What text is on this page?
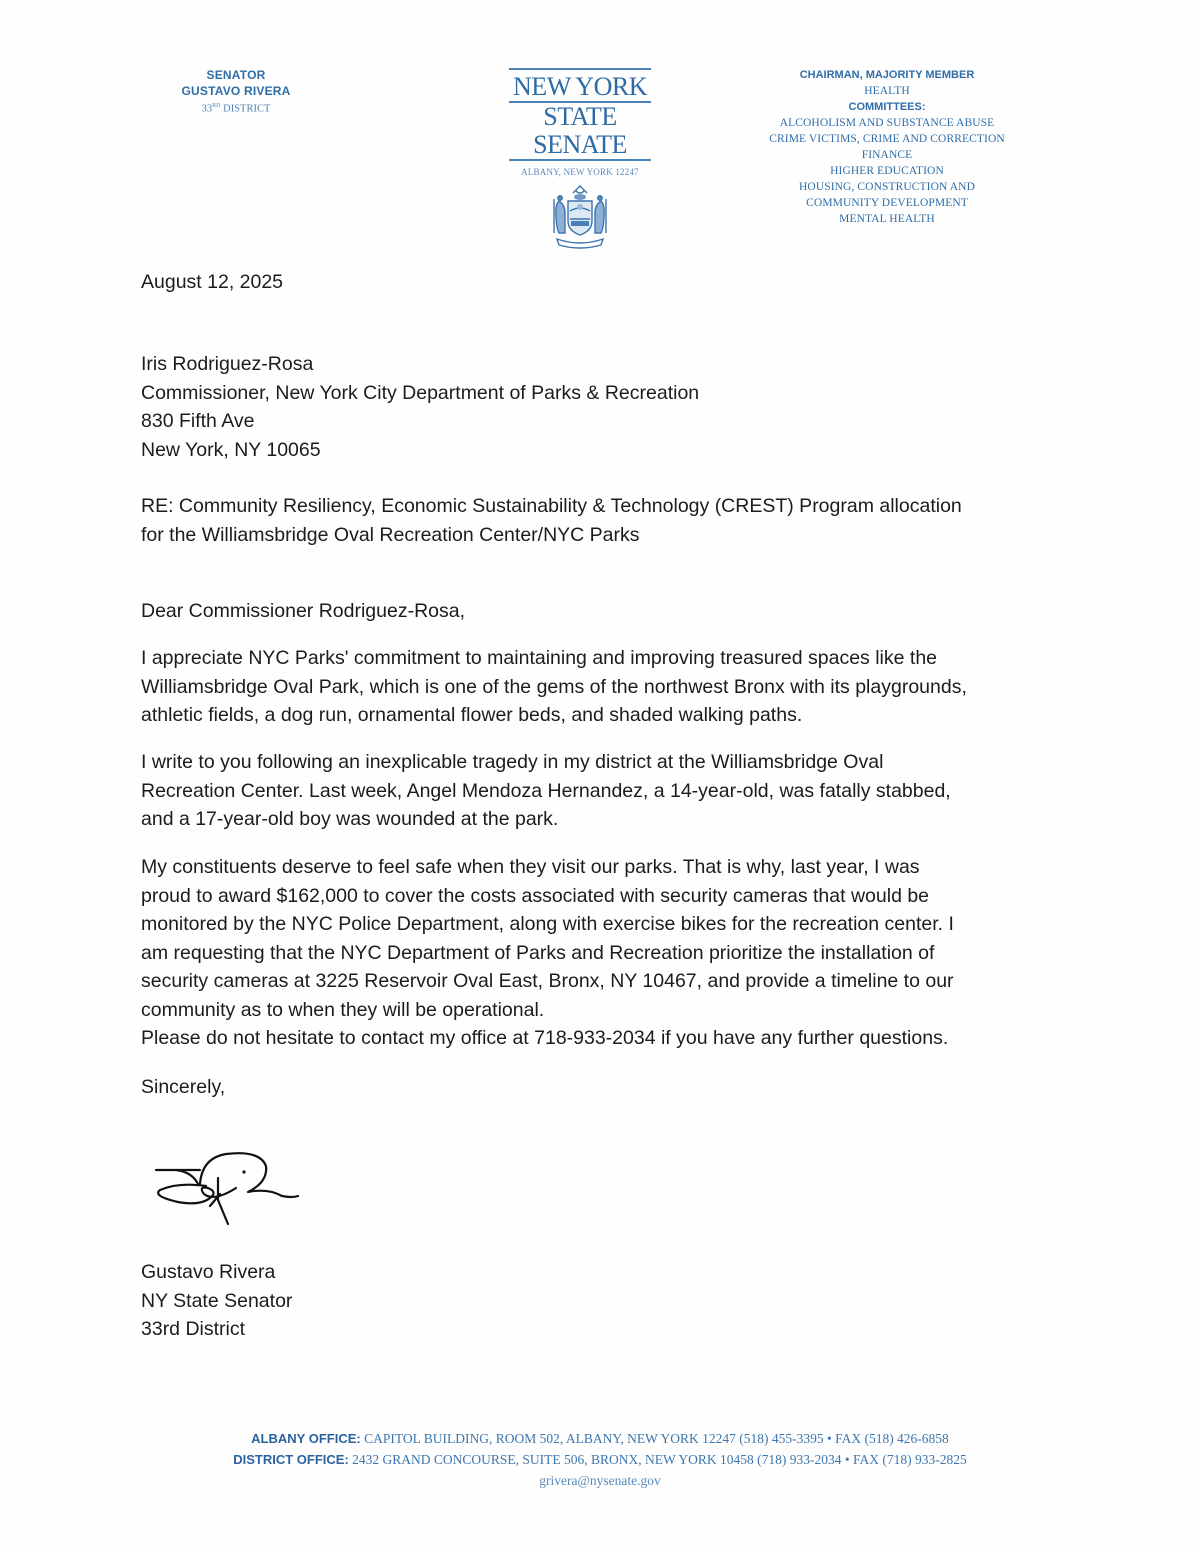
SENATOR
GUSTAVO RIVERA
33RD DISTRICT
NEW YORK
STATE
SENATE
ALBANY, NEW YORK 12247
CHAIRMAN, MAJORITY MEMBER
HEALTH
COMMITTEES:
ALCOHOLISM AND SUBSTANCE ABUSE
CRIME VICTIMS, CRIME AND CORRECTION
FINANCE
HIGHER EDUCATION
HOUSING, CONSTRUCTION AND
COMMUNITY DEVELOPMENT
MENTAL HEALTH
August 12, 2025

Iris Rodriguez-Rosa

Commissioner, New York City Department of Parks & Recreation

830 Fifth Ave

New York, NY 10065

RE: Community Resiliency, Economic Sustainability & Technology (CREST) Program allocation

for the Williamsbridge Oval Recreation Center/NYC Parks

Dear Commissioner Rodriguez-Rosa,

I appreciate NYC Parks' commitment to maintaining and improving treasured spaces like the

Williamsbridge Oval Park, which is one of the gems of the northwest Bronx with its playgrounds,

athletic fields, a dog run, ornamental flower beds, and shaded walking paths.

I write to you following an inexplicable tragedy in my district at the Williamsbridge Oval

Recreation Center. Last week, Angel Mendoza Hernandez, a 14-year-old, was fatally stabbed,

and a 17-year-old boy was wounded at the park.

My constituents deserve to feel safe when they visit our parks. That is why, last year, I was

proud to award $162,000 to cover the costs associated with security cameras that would be

monitored by the NYC Police Department, along with exercise bikes for the recreation center. I

am requesting that the NYC Department of Parks and Recreation prioritize the installation of

security cameras at 3225 Reservoir Oval East, Bronx, NY 10467, and provide a timeline to our

community as to when they will be operational.

Please do not hesitate to contact my office at 718-933-2034 if you have any further questions.

Sincerely,

Gustavo Rivera

NY State Senator

33rd District

ALBANY OFFICE: CAPITOL BUILDING, ROOM 502, ALBANY, NEW YORK 12247 (518) 455-3395 • FAX (518) 426-6858
DISTRICT OFFICE: 2432 GRAND CONCOURSE, SUITE 506, BRONX, NEW YORK 10458 (718) 933-2034 • FAX (718) 933-2825
grivera@nysenate.gov
